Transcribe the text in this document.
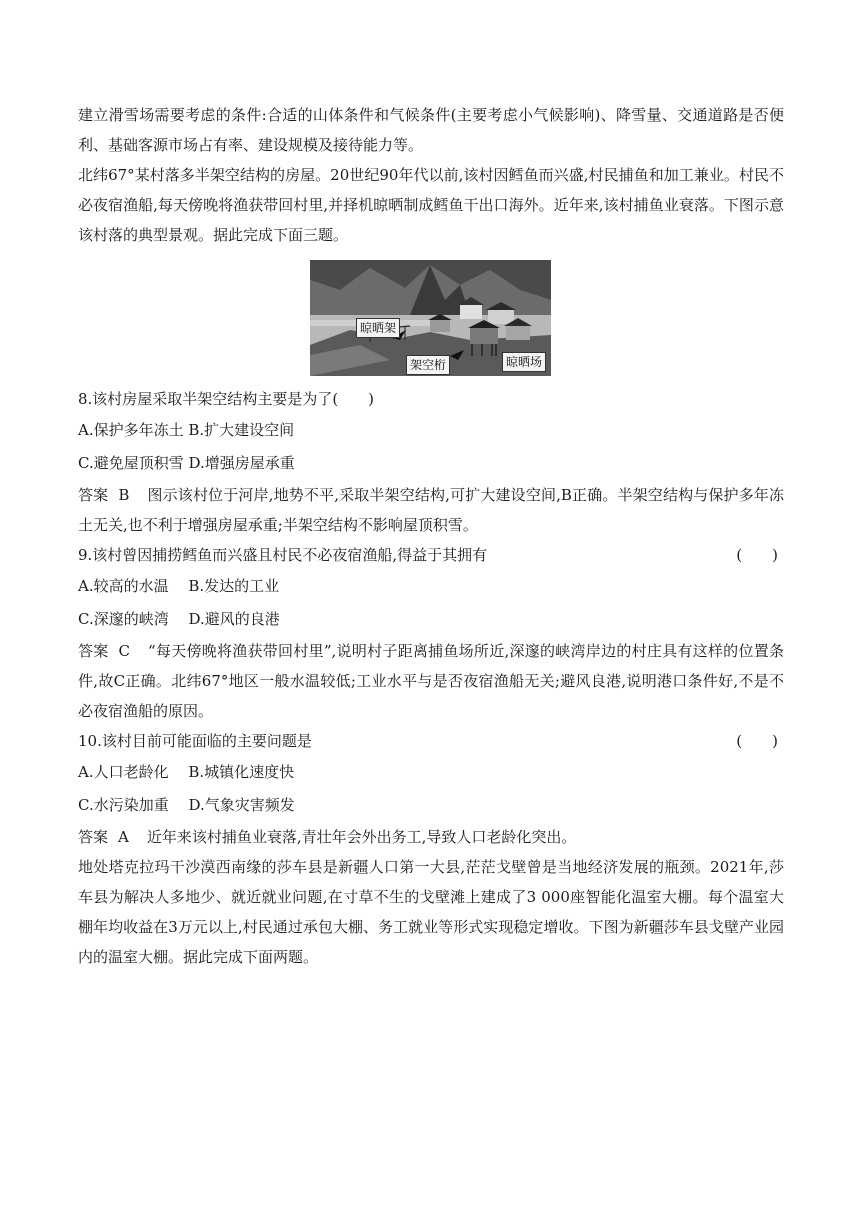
建立滑雪场需要考虑的条件:合适的山体条件和气候条件(主要考虑小气候影响)、降雪量、交通道路是否便利、基础客源市场占有率、建设规模及接待能力等。

北纬67°某村落多半架空结构的房屋。20世纪90年代以前,该村因鳕鱼而兴盛,村民捕鱼和加工兼业。村民不必夜宿渔船,每天傍晚将渔获带回村里,并择机晾晒制成鳕鱼干出口海外。近年来,该村捕鱼业衰落。下图示意该村落的典型景观。据此完成下面三题。

晾晒架
架空桁	晾晒场

8.该村房屋采取半架空结构主要是为了(　　)

A.保护多年冻土 B.扩大建设空间

C.避免屋顶积雪 D.增强房屋承重

答案 B 图示该村位于河岸,地势不平,采取半架空结构,可扩大建设空间,B正确。半架空结构与保护多年冻土无关,也不利于增强房屋承重;半架空结构不影响屋顶积雪。

9.该村曾因捕捞鳕鱼而兴盛且村民不必夜宿渔船,得益于其拥有	(　　)

A.较高的水温　 B.发达的工业

C.深邃的峡湾　 D.避风的良港

答案 C “每天傍晚将渔获带回村里”,说明村子距离捕鱼场所近,深邃的峡湾岸边的村庄具有这样的位置条件,故C正确。北纬67°地区一般水温较低;工业水平与是否夜宿渔船无关;避风良港,说明港口条件好,不是不必夜宿渔船的原因。

10.该村目前可能面临的主要问题是	(　　)

A.人口老龄化　 B.城镇化速度快

C.水污染加重　 D.气象灾害频发

答案 A 近年来该村捕鱼业衰落,青壮年会外出务工,导致人口老龄化突出。

地处塔克拉玛干沙漠西南缘的莎车县是新疆人口第一大县,茫茫戈壁曾是当地经济发展的瓶颈。2021年,莎车县为解决人多地少、就近就业问题,在寸草不生的戈壁滩上建成了3 000座智能化温室大棚。每个温室大棚年均收益在3万元以上,村民通过承包大棚、务工就业等形式实现稳定增收。下图为新疆莎车县戈壁产业园内的温室大棚。据此完成下面两题。
